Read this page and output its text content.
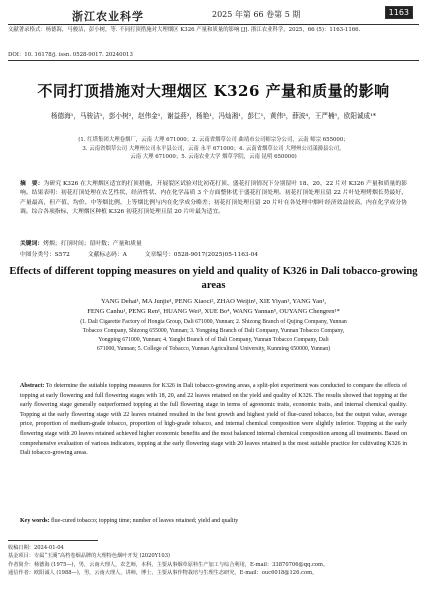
浙江农业科学	2025 年第 66 卷第 5 期	1163
文献著录格式：杨德海，马骏洁，彭小树，等. 不同打顶措施对大理烟区 K326 产量和质量的影响 [J]. 浙江农业科学，2025，66 (5)：1163-1166.
DOI：10. 16178/j. issn. 0528-9017. 20240013
不同打顶措施对大理烟区 K326 产量和质量的影响
杨德海¹，马骏洁¹，彭小树²，赵伟金¹，谢益燕³，杨艳¹，冯灿湘¹，彭仁¹，黄伟³，薛波⁴，王严楠⁵，欧阳诚成¹*
(1. 红塔集团大理卷烟厂，云南 大理 671000；2. 云南省烟草公司 曲靖市公司师宗分公司，云南 师宗 655000；
3. 云南省烟草公司 大理州公司永平县公司，云南 永平 671000；4. 云南省烟草公司 大理州公司漾濞县公司，
云南 大理 671000；5. 云南农业大学 烟草学院，云南 昆明 650000)
摘　要：为研究 K326 在大理烟区适宜的打顶措施，开展裂区试验对比初花打顶、盛花打顶情况下分别留叶 18、20、22 片对 K326 产量和质量的影响。结果表明：初花打顶处理在农艺性状、经济性状、内在化学品质 3 个方面整体优于盛花打顶处理。初花打顶处理且留 22 片叶处理烤烟长势最好，产量最高，但产值、均价、中等烟比例、上等烟比例与内在化学成分略差；初花打顶处理且留 20 片叶在各处理中烟叶经济效益较高，内在化学成分协调。综合各项指标，大理烟区种植 K326 初花打顶处理且留 20 片叶最为适宜。
关键词：烤烟；打顶时间；留叶数；产量和质量
中图分类号：S572	文献标志码：A	文章编号：0528-9017(2025)05-1163-04
Effects of different topping measures on yield and quality of K326 in Dali tobacco-growing areas
YANG Dehai¹, MA Junjie¹, PENG Xiaoci², ZHAO Weijin¹, XIE Yiyan¹, YANG Yan¹,
FENG Canhu¹, PENG Ren¹, HUANG Wei³, XUE Bo⁴, WANG Yannan⁵, OUYANG Chengren¹*
(1. Dali Cigarette Factory of Hongta Group, Dali 671000, Yunnan; 2. Shizong Branch of Qujing Company, Yunnan
Tobacco Company, Shizong 655000, Yunnan; 3. Yongping Branch of Dali Company, Yunnan Tobacco Company,
Yongping 671000, Yunnan; 4. Yangbi Branch of of Dali Company, Yunnan Tobacco Company, Dali
671000, Yunnan; 5. College of Tobacco, Yunnan Agricultural University, Kunming 650000, Yunnan)
Abstract: To determine the suitable topping measures for K326 in Dali tobacco-growing areas, a split-plot experiment was conducted to compare the effects of topping at early flowering and full flowering stages with 18, 20, and 22 leaves retained on the yield and quality of K326. The results showed that topping at the early flowering stage generally outperformed topping at the full flowering stage in terms of agronomic traits, economic traits, and internal chemical quality. Topping at the early flowering stage with 22 leaves retained resulted in the best growth and highest yield of flue-cured tobacco, but the output value, average price, proportion of medium-grade tobacco, proportion of high-grade tobacco, and internal chemical composition were slightly inferior. Topping at the early flowering stage with 20 leaves retained achieved higher economic benefits and the most balanced internal chemical composition among all treatments. Based on comprehensive evaluation of various indicators, topping at the early flowering stage with 20 leaves retained is the most suitable practice for cultivating K326 in Dali tobacco-growing areas.
Key words: flue-cured tobacco; topping time; number of leaves retained; yield and quality
收稿日期：2024-01-04
基金项目：专属“玉溪”高档卷烟品牌的大理特色烟叶开发 (2020Y103)
作者简介：杨德海 (1975—)，男，云南大理人，农艺师，本科，主要从事烟草原料生产加工与综合利用，E-mail：33870706@qq.com。
通信作者：欧阳诚人 (1988—)，男，云南大理人，讲师，博士，主要从事作物栽培与生理生态研究，E-mail：ouc6018@126.com。
